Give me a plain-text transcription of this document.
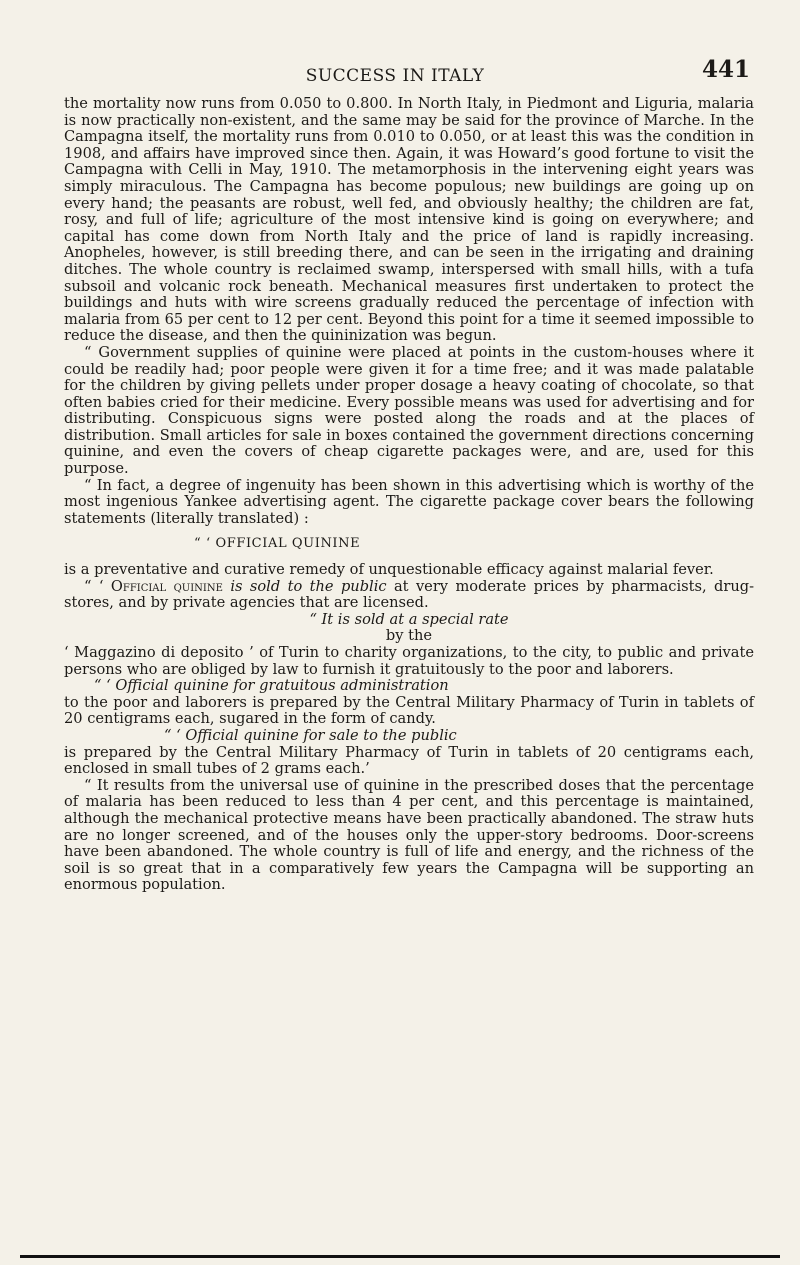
SUCCESS IN ITALY	441

the mortality now runs from 0.050 to 0.800. In North Italy, in Piedmont and Liguria, malaria is now practically non-existent, and the same may be said for the province of Marche. In the Campagna itself, the mortality runs from 0.010 to 0.050, or at least this was the condition in 1908, and affairs have improved since then. Again, it was Howard’s good fortune to visit the Campagna with Celli in May, 1910. The metamorphosis in the intervening eight years was simply miraculous. The Campagna has become populous; new buildings are going up on every hand; the peasants are robust, well fed, and obviously healthy; the children are fat, rosy, and full of life; agriculture of the most intensive kind is going on everywhere; and capital has come down from North Italy and the price of land is rapidly increasing. Anopheles, however, is still breeding there, and can be seen in the irrigating and draining ditches. The whole country is reclaimed swamp, interspersed with small hills, with a tufa subsoil and volcanic rock beneath. Mechanical measures first undertaken to protect the buildings and huts with wire screens gradually reduced the percentage of infection with malaria from 65 per cent to 12 per cent. Beyond this point for a time it seemed impossible to reduce the disease, and then the quininization was begun.

“ Government supplies of quinine were placed at points in the custom-houses where it could be readily had; poor people were given it for a time free; and it was made palatable for the children by giving pellets under proper dosage a heavy coating of chocolate, so that often babies cried for their medicine. Every possible means was used for advertising and for distributing. Conspicuous signs were posted along the roads and at the places of distribution. Small articles for sale in boxes contained the government directions concerning quinine, and even the covers of cheap cigarette packages were, and are, used for this purpose.

“ In fact, a degree of ingenuity has been shown in this advertising which is worthy of the most ingenious Yankee advertising agent. The cigarette package cover bears the following statements (literally translated) :

“ ‘ OFFICIAL QUININE

is a preventative and curative remedy of unquestionable efficacy against malarial fever.

“ ‘ Official quinine is sold to the public at very moderate prices by pharmacists, drug-stores, and by private agencies that are licensed.

“ It is sold at a special rate

by the

‘ Maggazino di deposito ’ of Turin to charity organizations, to the city, to public and private persons who are obliged by law to furnish it gratuitously to the poor and laborers.

“ ‘ Official quinine for gratuitous administration

to the poor and laborers is prepared by the Central Military Pharmacy of Turin in tablets of 20 centigrams each, sugared in the form of candy.

“ ‘ Official quinine for sale to the public

is prepared by the Central Military Pharmacy of Turin in tablets of 20 centigrams each, enclosed in small tubes of 2 grams each.’

“ It results from the universal use of quinine in the prescribed doses that the percentage of malaria has been reduced to less than 4 per cent, and this percentage is maintained, although the mechanical protective means have been practically abandoned. The straw huts are no longer screened, and of the houses only the upper-story bedrooms. Door-screens have been abandoned. The whole country is full of life and energy, and the richness of the soil is so great that in a comparatively few years the Campagna will be supporting an enormous population.
